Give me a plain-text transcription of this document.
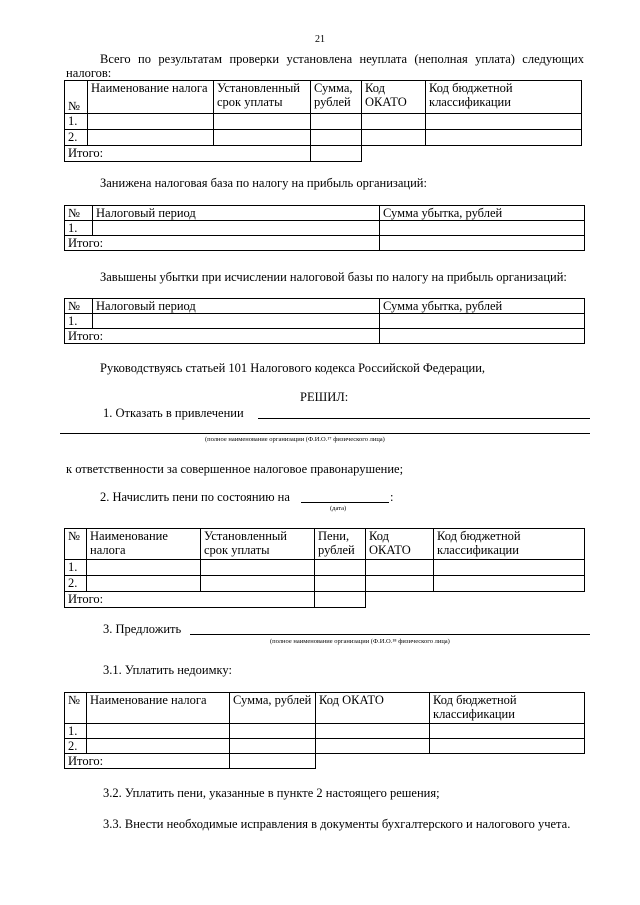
21
Всего по результатам проверки установлена неуплата (неполная уплата) следующих
налогов:
№	Наименование налога	Установленный срок уплаты	Сумма, рублей	Код ОКАТО	Код бюджетной классификации
1.					
2.					
Итого:					
Занижена налоговая база по налогу на прибыль организаций:
№	Налоговый период	Сумма убытка, рублей
1.		
Итого:		
Завышены убытки при исчислении налоговой базы по налогу на прибыль организаций:
№	Налоговый период	Сумма убытка, рублей
1.		
Итого:		
Руководствуясь статьей 101 Налогового кодекса Российской Федерации,
РЕШИЛ:
1. Отказать в привлечении
(полное наименование организации (Ф.И.О.¹⁷ физического лица)
к ответственности за совершенное налоговое правонарушение;
2. Начислить пени по состоянию на	:
(дата)
№	Наименование налога	Установленный срок уплаты	Пени, рублей	Код ОКАТО	Код бюджетной классификации
1.					
2.					
Итого:					
3. Предложить
(полное наименование организации (Ф.И.О.¹⁸ физического лица)
3.1. Уплатить недоимку:
№	Наименование налога	Сумма, рублей	Код ОКАТО	Код бюджетной классификации
1.				
2.				
Итого:				
3.2. Уплатить пени, указанные в пункте 2 настоящего решения;
3.3. Внести необходимые исправления в документы бухгалтерского и налогового учета.
